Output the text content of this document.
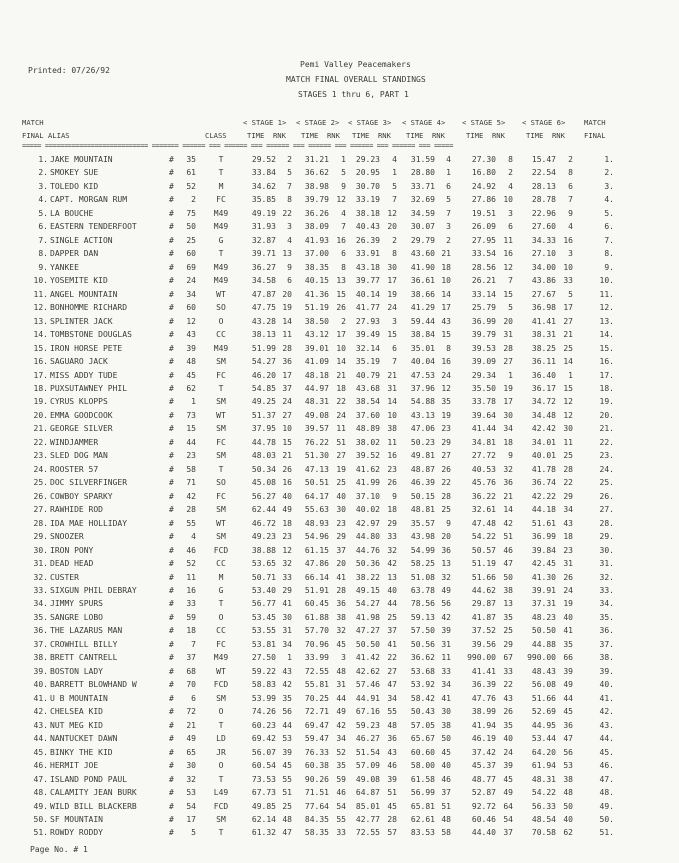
Printed: 07/26/92
Pemi Valley Peacemakers
MATCH FINAL OVERALL STANDINGS
STAGES 1 thru 6, PART 1
MATCH
FINAL ALIAS	CLASS
< STAGE 1> < STAGE 2> < STAGE 3> < STAGE 4> < STAGE 5> < STAGE 6>
TIME  RNK TIME  RNK TIME  RNK TIME  RNK	TIME  RNK	TIME  RNK
MATCH
FINAL
===== =========================== ======= ====== === ====== === ====== === ====== === ====== === ====== === =====
1. JAKE MOUNTAIN	#	35	T	29.52	2	31.21	1	29.23	4	31.59	4	27.30	8	15.47	2	1.
2. SMOKEY SUE	#	61	T	33.84	5	36.62	5	20.95	1	28.80	1	16.80	2	22.54	8	2.
3. TOLEDO KID	#	52	M	34.62	7	38.98	9	30.70	5	33.71	6	24.92	4	28.13	6	3.
4. CAPT. MORGAN RUM	#	2	FC	35.85	8	39.79 12	33.19	7	32.69	5	27.86 10	28.78	7	4.
5. LA BOUCHE	#	75	M49	49.19 22	36.26	4	38.18 12	34.59	7	19.51	3	22.96	9	5.
6. EASTERN TENDERFOOT	#	50	M49	31.93	3	38.09	7	40.43 20	30.07	3	26.09	6	27.60	4	6.
7. SINGLE ACTION	#	25	G	32.87	4	41.93 16	26.39	2	29.79	2	27.95 11	34.33 16	7.
8. DAPPER DAN	#	60	T	39.71 13	37.00	6	33.91	8	43.60 21	33.54 16	27.10	3	8.
9. YANKEE	#	69	M49	36.27	9	38.35	8	43.18 30	41.90 18	28.56 12	34.00 10	9.
10. YOSEMITE KID	#	24	M49	34.58	6	40.15 13	39.77 17	36.61 10	26.21	7	43.86 33	10.
11. ANGEL MOUNTAIN	#	34	WT	47.87 20	41.36 15	40.14 19	38.66 14	33.14 15	27.67	5	11.
12. BONHOMME RICHARD	#	60	SO	47.75 19	51.19 26	41.77 24	41.29 17	25.79	5	36.98 17	12.
13. SPLINTER JACK	#	12	O	43.28 14	38.50	2	27.93	3	59.44 43	36.99 20	41.41 27	13.
14. TOMBSTONE DOUGLAS	#	43	CC	38.13 11	43.12 17	39.49 15	38.84 15	39.79 31	38.31 21	14.
15. IRON HORSE PETE	#	39	M49	51.99 28	39.01 10	32.14	6	35.01	8	39.53 28	38.25 25	15.
16. SAGUARO JACK	#	48	SM	54.27 36	41.09 14	35.19	7	40.04 16	39.09 27	36.11 14	16.
17. MISS ADDY TUDE	#	45	FC	46.20 17	48.18 21	40.79 21	47.53 24	29.34	1	36.40	1	17.
18. PUXSUTAWNEY PHIL	#	62	T	54.85 37	44.97 18	43.68 31	37.96 12	35.50 19	36.17 15	18.
19. CYRUS KLOPPS	#	1	SM	49.25 24	48.31 22	38.54 14	54.88 35	33.78 17	34.72 12	19.
20. EMMA GOODCOOK	#	73	WT	51.37 27	49.08 24	37.60 10	43.13 19	39.64 30	34.48 12	20.
21. GEORGE SILVER	#	15	SM	37.95 10	39.57 11	48.89 38	47.06 23	41.44 34	42.42 30	21.
22. WINDJAMMER	#	44	FC	44.78 15	76.22 51	38.02 11	50.23 29	34.81 18	34.01 11	22.
23. SLED DOG MAN	#	23	SM	48.03 21	51.30 27	39.52 16	49.81 27	27.72	9	40.01 25	23.
24. ROOSTER 57	#	58	T	50.34 26	47.13 19	41.62 23	48.87 26	40.53 32	41.78 28	24.
25. DOC SILVERFINGER	#	71	SO	45.08 16	50.51 25	41.99 26	46.39 22	45.76 36	36.74 22	25.
26. COWBOY SPARKY	#	42	FC	56.27 40	64.17 40	37.10	9	50.15 28	36.22 21	42.22 29	26.
27. RAWHIDE ROD	#	28	SM	62.44 49	55.63 30	40.02 18	48.81 25	32.61 14	44.18 34	27.
28. IDA MAE HOLLIDAY	#	55	WT	46.72 18	48.93 23	42.97 29	35.57	9	47.48 42	51.61 43	28.
29. SNOOZER	#	4	SM	49.23 23	54.96 29	44.80 33	43.98 20	54.22 51	36.99 18	29.
30. IRON PONY	#	46	FCD	38.88 12	61.15 37	44.76 32	54.99 36	50.57 46	39.84 23	30.
31. DEAD HEAD	#	52	CC	53.65 32	47.86 20	50.36 42	58.25 13	51.19 47	42.45 31	31.
32. CUSTER	#	11	M	50.71 33	66.14 41	38.22 13	51.08 32	51.66 50	41.30 26	32.
33. SIXGUN PHIL DEBRAY	#	16	G	53.40 29	51.91 28	49.15 40	63.78 49	44.62 38	39.91 24	33.
34. JIMMY SPURS	#	33	T	56.77 41	60.45 36	54.27 44	78.56 56	29.87 13	37.31 19	34.
35. SANGRE LOBO	#	59	O	53.45 30	61.88 38	41.98 25	59.13 42	41.87 35	48.23 40	35.
36. THE LAZARUS MAN	#	18	CC	53.55 31	57.70 32	47.27 37	57.50 39	37.52 25	50.50 41	36.
37. CROWHILL BILLY	#	7	FC	53.81 34	70.96 45	50.50 41	50.56 31	39.56 29	44.88 35	37.
38. BRETT CANTRELL	#	37	M49	27.50	1	33.99	3	41.42 22	36.62 11	990.00 67	990.00 66	38.
39. BOSTON LADY	#	68	WT	59.22 43	72.55 48	42.62 27	53.68 33	41.41 33	48.43 39	39.
40. BARRETT BLOWHAND W	#	70	FCD	58.83 42	55.81 31	57.46 47	53.92 34	36.39 22	56.08 49	40.
41. U B MOUNTAIN	#	6	SM	53.99 35	70.25 44	44.91 34	58.42 41	47.76 43	51.66 44	41.
42. CHELSEA KID	#	72	O	74.26 56	72.71 49	67.16 55	50.43 30	38.99 26	52.69 45	42.
43. NUT MEG KID	#	21	T	60.23 44	69.47 42	59.23 48	57.05 38	41.94 35	44.95 36	43.
44. NANTUCKET DAWN	#	49	LD	69.42 53	59.47 34	46.27 36	65.67 50	46.19 40	53.44 47	44.
45. BINKY THE KID	#	65	JR	56.07 39	76.33 52	51.54 43	60.60 45	37.42 24	64.20 56	45.
46. HERMIT JOE	#	30	O	60.54 45	60.38 35	57.09 46	58.00 40	45.37 39	61.94 53	46.
47. ISLAND POND PAUL	#	32	T	73.53 55	90.26 59	49.08 39	61.58 46	48.77 45	48.31 38	47.
48. CALAMITY JEAN BURK	#	53	L49	67.73 51	71.51 46	64.87 51	56.99 37	52.87 49	54.22 48	48.
49. WILD BILL BLACKERB	#	54	FCD	49.85 25	77.64 54	85.01 45	65.81 51	92.72 64	56.33 50	49.
50. SF MOUNTAIN	#	17	SM	62.14 48	84.35 55	42.77 28	62.61 48	60.46 54	48.54 40	50.
51. ROWDY RODDY	#	5	T	61.32 47	58.35 33	72.55 57	83.53 58	44.40 37	70.58 62	51.
Page No. # 1
